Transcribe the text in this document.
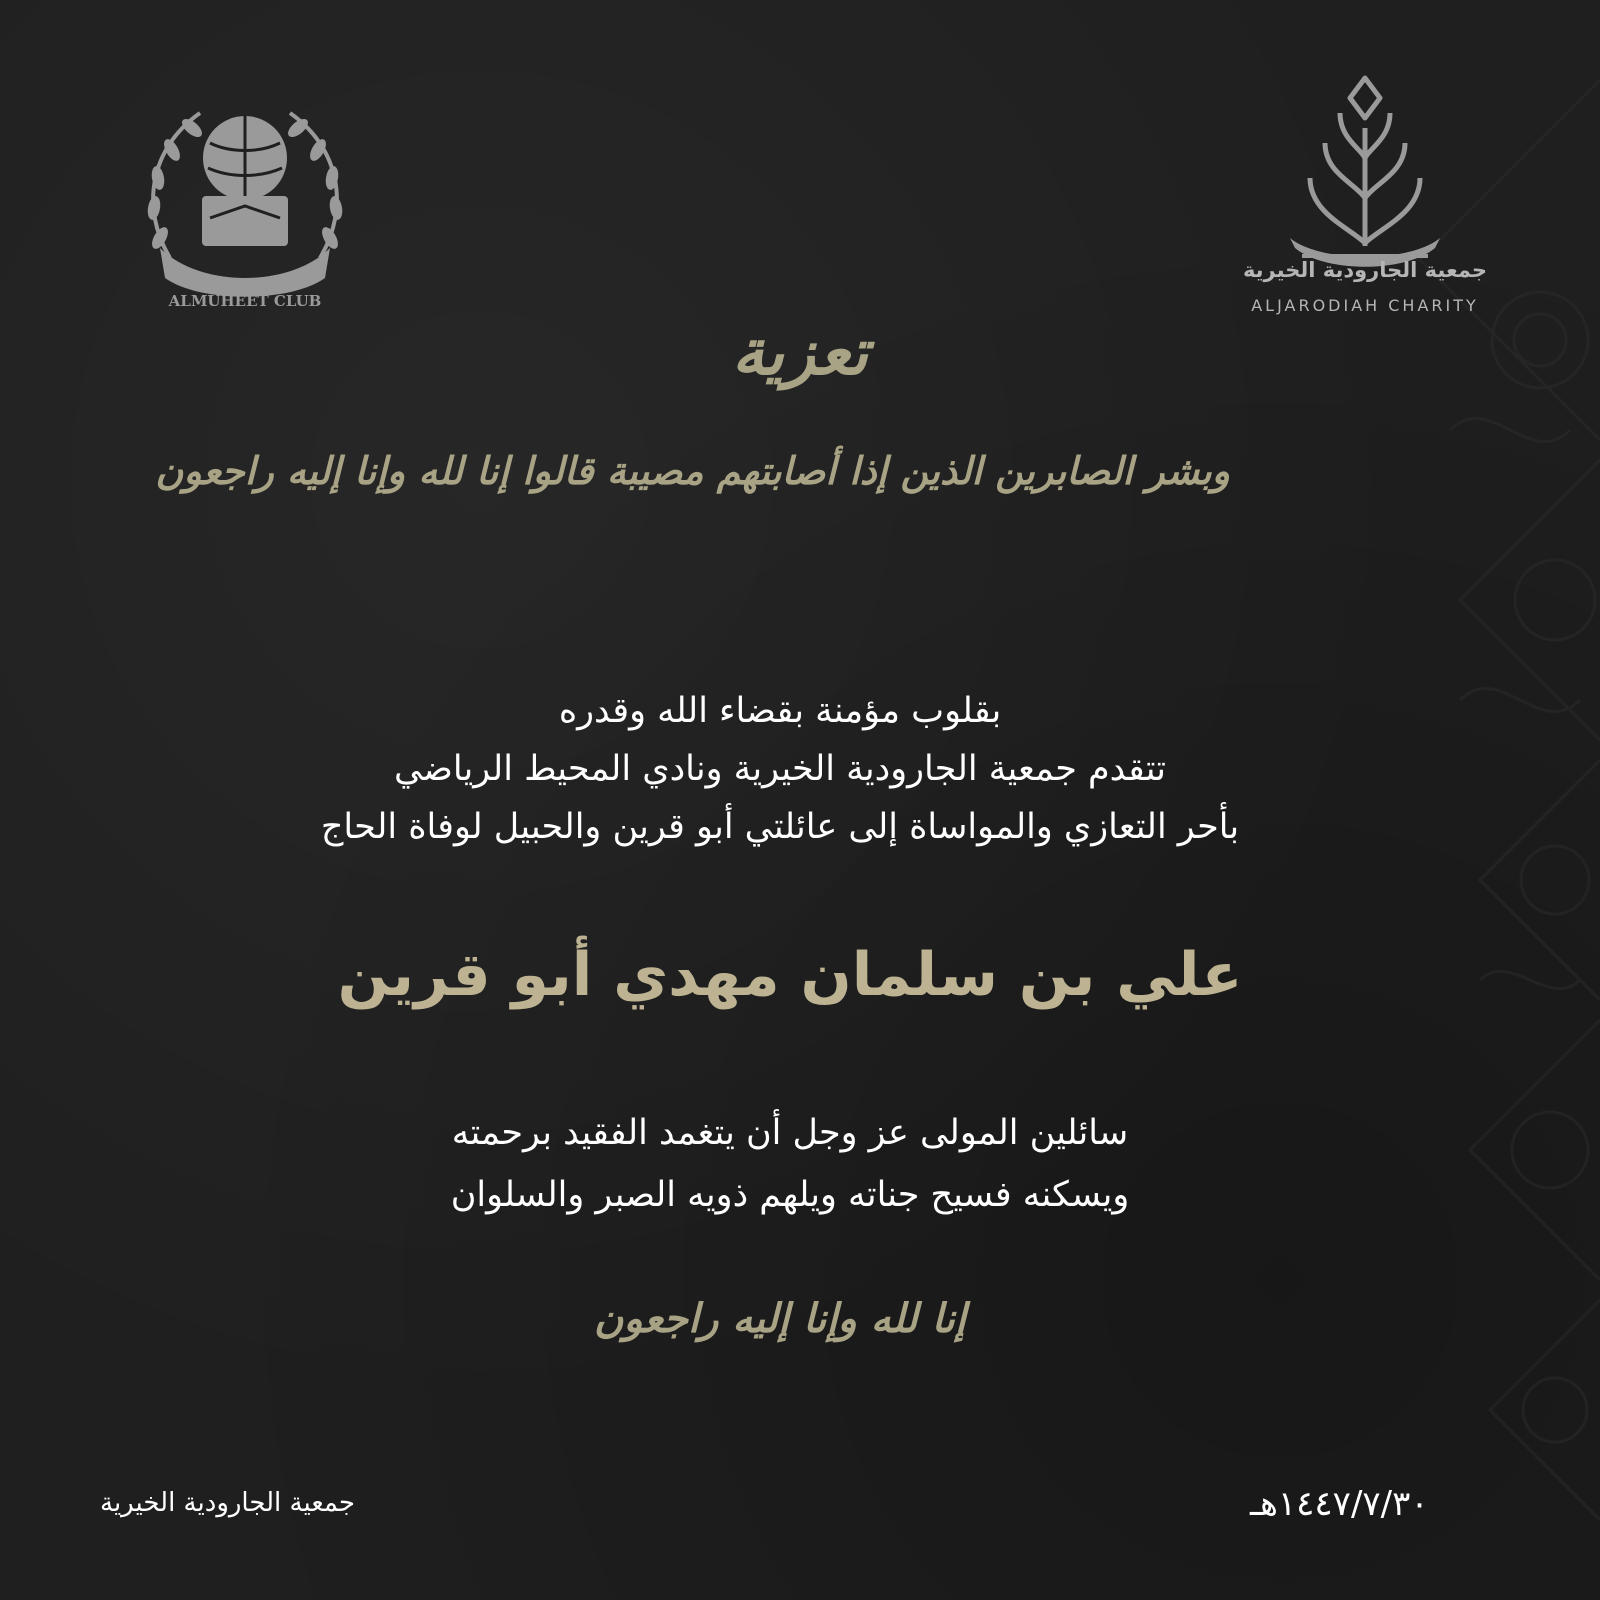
ALMUHEET CLUB
جمعية الجارودية الخيرية
ALJARODIAH CHARITY
تعزية
وبشر الصابرين الذين إذا أصابتهم مصيبة قالوا إنا لله وإنا إليه راجعون
بقلوب مؤمنة بقضاء الله وقدره
تتقدم جمعية الجارودية الخيرية ونادي المحيط الرياضي
بأحر التعازي والمواساة إلى عائلتي أبو قرين والحبيل لوفاة الحاج
علي بن سلمان مهدي أبو قرين
سائلين المولى عز وجل أن يتغمد الفقيد برحمته
ويسكنه فسيح جناته ويلهم ذويه الصبر والسلوان
إنا لله وإنا إليه راجعون
جمعية الجارودية الخيرية	١٤٤٧/٧/٣٠هـ
